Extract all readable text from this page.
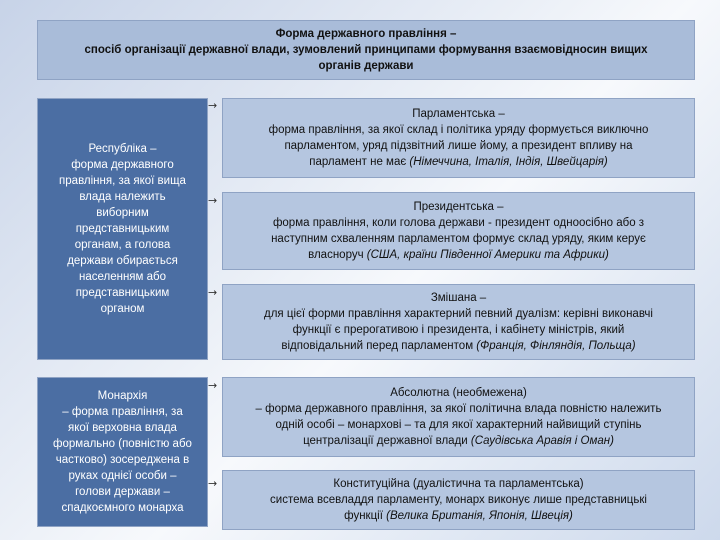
Форма державного правління –
спосіб організації державної влади, зумовлений принципами формування взаємовідносин вищих
органів держави
Республіка –
форма державного
правління, за якої вища
влада належить
виборним
представницьким
органам, а голова
держави обирається
населенням або
представницьким
органом
→
Парламентська –
форма правління, за якої склад і політика уряду формується виключно
парламентом, уряд підзвітний лише йому, а президент впливу на
парламент не має (Німеччина, Італія, Індія, Швейцарія)
→	Президентська –
форма правління, коли голова держави - президент одноосібно або з
наступним схваленням парламентом формує склад уряду, яким керує
власноруч (США, країни Південної Америки та Африки)
→	Змішана –
для цієї форми правління характерний певний дуалізм: керівні виконавчі
функції є прерогативою і президента, і кабінету міністрів, який
відповідальний перед парламентом (Франція, Фінляндія, Польща)
Монархія
– форма правління, за
якої верховна влада
формально (повністю або
частково) зосереджена в
руках однієї особи –
голови держави –
спадкоємного монарха
→
Абсолютна (необмежена)
– форма державного правління, за якої політична влада повністю належить
одній особі – монархові – та для якої характерний найвищий ступінь
централізації державної влади (Саудівська Аравія і Оман)
→	Конституційна (дуалістична та парламентська)
система всевладдя парламенту, монарх виконує лише представницькі
функції (Велика Британія, Японія, Швеція)
